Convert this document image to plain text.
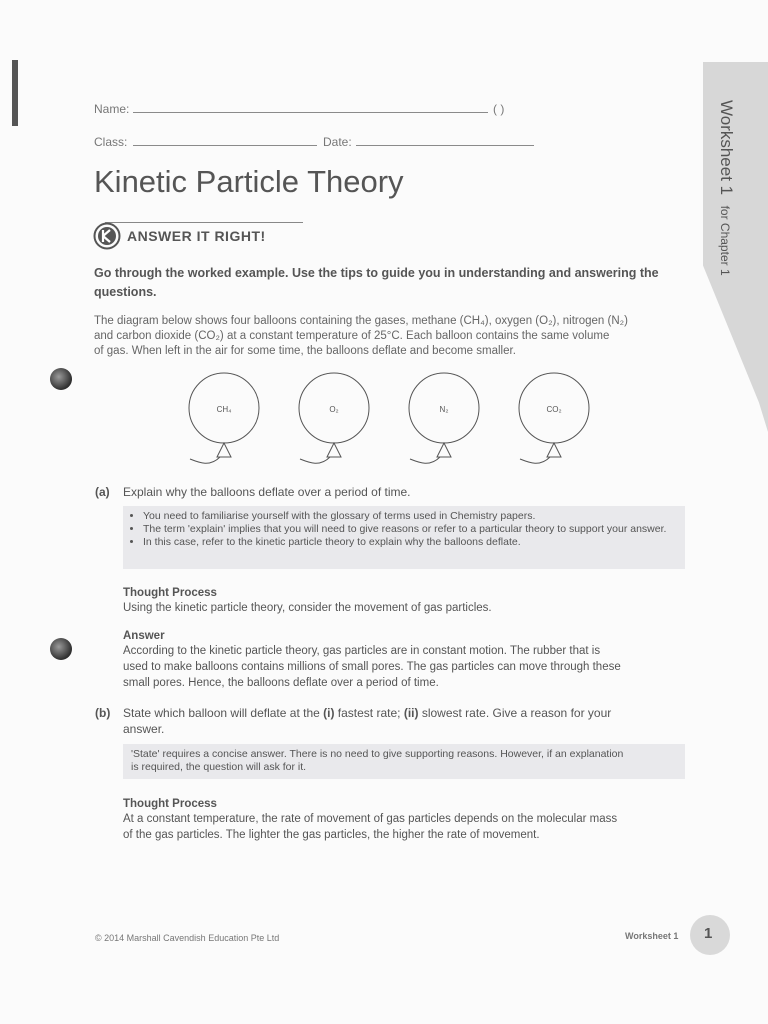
Worksheet 1 for Chapter 1
Name:	( )
Class:	Date:
Kinetic Particle Theory
ANSWER IT RIGHT!
Go through the worked example. Use the tips to guide you in understanding and answering the questions.
The diagram below shows four balloons containing the gases, methane (CH₄), oxygen (O₂), nitrogen (N₂)
and carbon dioxide (CO₂) at a constant temperature of 25°C. Each balloon contains the same volume
of gas. When left in the air for some time, the balloons deflate and become smaller.
CH₄	O₂	N₂	CO₂
(a) Explain why the balloons deflate over a period of time.
• You need to familiarise yourself with the glossary of terms used in Chemistry papers.
• The term 'explain' implies that you will need to give reasons or refer to a particular theory to support your answer.
• In this case, refer to the kinetic particle theory to explain why the balloons deflate.
Thought Process
Using the kinetic particle theory, consider the movement of gas particles.
Answer
According to the kinetic particle theory, gas particles are in constant motion. The rubber that is
used to make balloons contains millions of small pores. The gas particles can move through these
small pores. Hence, the balloons deflate over a period of time.
(b) State which balloon will deflate at the (i) fastest rate; (ii) slowest rate. Give a reason for your
answer.
'State' requires a concise answer. There is no need to give supporting reasons. However, if an explanation
is required, the question will ask for it.
Thought Process
At a constant temperature, the rate of movement of gas particles depends on the molecular mass
of the gas particles. The lighter the gas particles, the higher the rate of movement.
© 2014 Marshall Cavendish Education Pte Ltd	Worksheet 1 1
